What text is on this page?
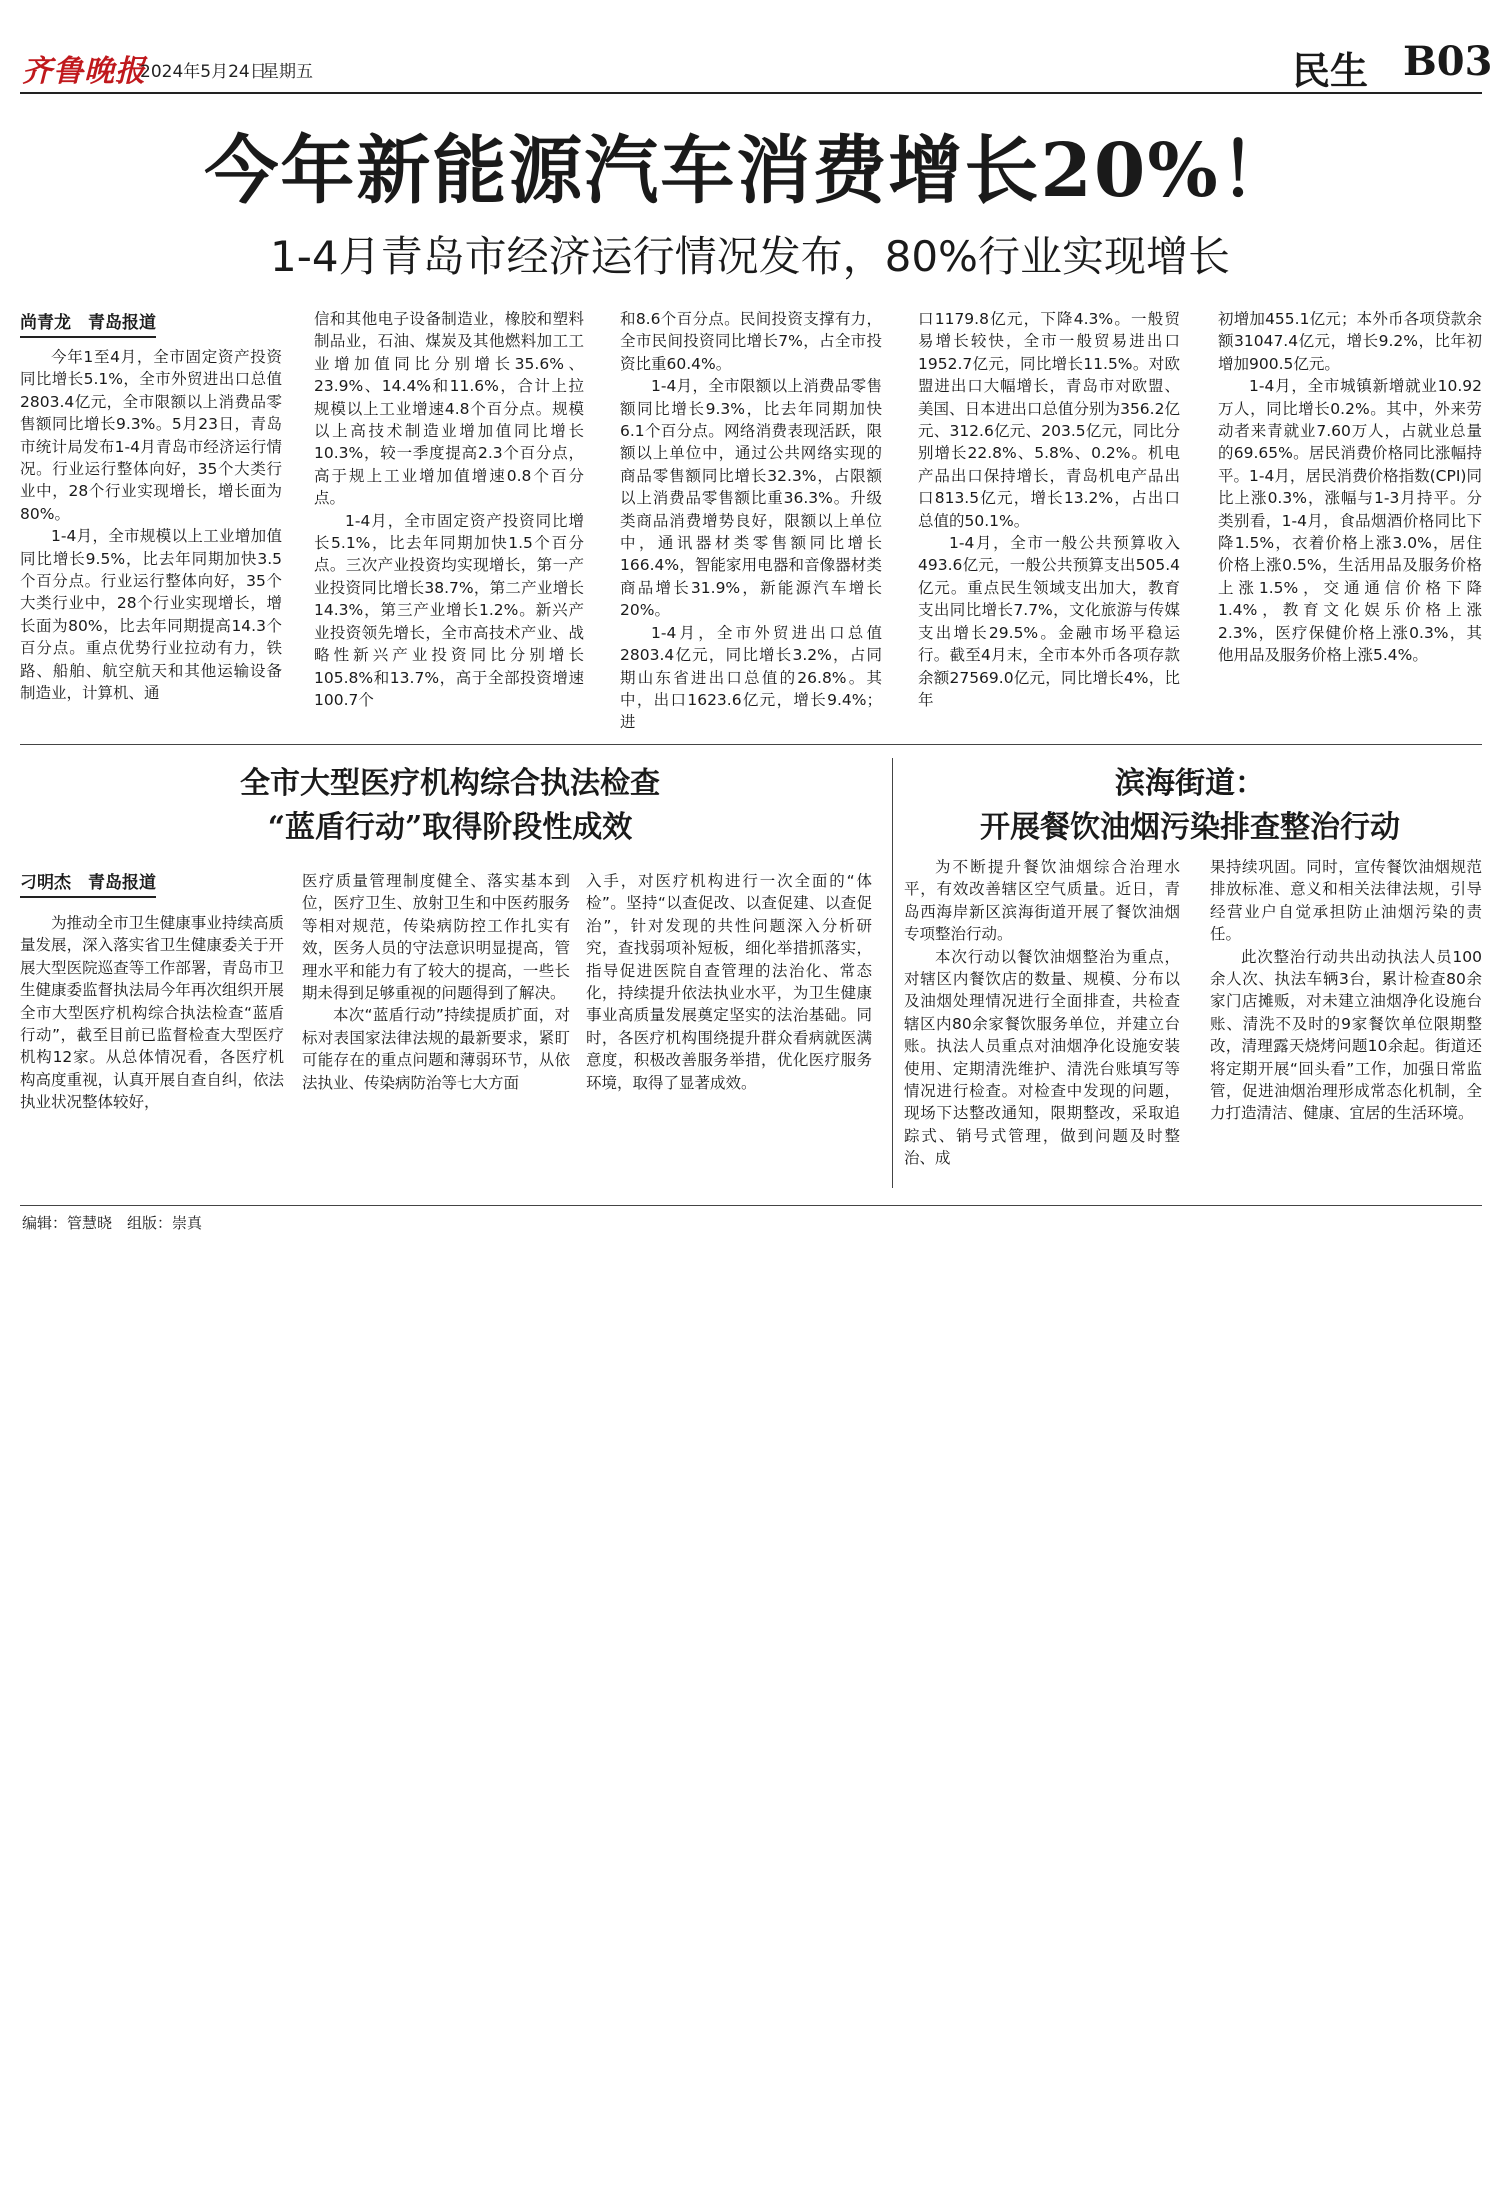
齐鲁晚报
2024年5月24日
星期五	民生 B03
今年新能源汽车消费增长20%！
1-4月青岛市经济运行情况发布，80%行业实现增长
尚青龙　青岛报道

今年1至4月，全市固定资产投资同比增长5.1%，全市外贸进出口总值2803.4亿元，全市限额以上消费品零售额同比增长9.3%。5月23日，青岛市统计局发布1-4月青岛市经济运行情况。行业运行整体向好，35个大类行业中，28个行业实现增长，增长面为80%。

1-4月，全市规模以上工业增加值同比增长9.5%，比去年同期加快3.5个百分点。行业运行整体向好，35个大类行业中，28个行业实现增长，增长面为80%，比去年同期提高14.3个百分点。重点优势行业拉动有力，铁路、船舶、航空航天和其他运输设备制造业，计算机、通

信和其他电子设备制造业，橡胶和塑料制品业，石油、煤炭及其他燃料加工工业增加值同比分别增长35.6%、23.9%、14.4%和11.6%，合计上拉规模以上工业增速4.8个百分点。规模以上高技术制造业增加值同比增长10.3%，较一季度提高2.3个百分点，高于规上工业增加值增速0.8个百分点。

1-4月，全市固定资产投资同比增长5.1%，比去年同期加快1.5个百分点。三次产业投资均实现增长，第一产业投资同比增长38.7%，第二产业增长14.3%，第三产业增长1.2%。新兴产业投资领先增长，全市高技术产业、战略性新兴产业投资同比分别增长105.8%和13.7%，高于全部投资增速100.7个

和8.6个百分点。民间投资支撑有力，全市民间投资同比增长7%，占全市投资比重60.4%。

1-4月，全市限额以上消费品零售额同比增长9.3%，比去年同期加快6.1个百分点。网络消费表现活跃，限额以上单位中，通过公共网络实现的商品零售额同比增长32.3%，占限额以上消费品零售额比重36.3%。升级类商品消费增势良好，限额以上单位中，通讯器材类零售额同比增长166.4%，智能家用电器和音像器材类商品增长31.9%，新能源汽车增长20%。

1-4月，全市外贸进出口总值2803.4亿元，同比增长3.2%，占同期山东省进出口总值的26.8%。其中，出口1623.6亿元，增长9.4%；进

口1179.8亿元，下降4.3%。一般贸易增长较快，全市一般贸易进出口1952.7亿元，同比增长11.5%。对欧盟进出口大幅增长，青岛市对欧盟、美国、日本进出口总值分别为356.2亿元、312.6亿元、203.5亿元，同比分别增长22.8%、5.8%、0.2%。机电产品出口保持增长，青岛机电产品出口813.5亿元，增长13.2%，占出口总值的50.1%。

1-4月，全市一般公共预算收入493.6亿元，一般公共预算支出505.4亿元。重点民生领域支出加大，教育支出同比增长7.7%，文化旅游与传媒支出增长29.5%。金融市场平稳运行。截至4月末，全市本外币各项存款余额27569.0亿元，同比增长4%，比年

初增加455.1亿元；本外币各项贷款余额31047.4亿元，增长9.2%，比年初增加900.5亿元。

1-4月，全市城镇新增就业10.92万人，同比增长0.2%。其中，外来劳动者来青就业7.60万人，占就业总量的69.65%。居民消费价格同比涨幅持平。1-4月，居民消费价格指数(CPI)同比上涨0.3%，涨幅与1-3月持平。分类别看，1-4月，食品烟酒价格同比下降1.5%，衣着价格上涨3.0%，居住价格上涨0.5%，生活用品及服务价格上涨1.5%，交通通信价格下降1.4%，教育文化娱乐价格上涨2.3%，医疗保健价格上涨0.3%，其他用品及服务价格上涨5.4%。

全市大型医疗机构综合执法检查
“蓝盾行动”取得阶段性成效
刁明杰　青岛报道

为推动全市卫生健康事业持续高质量发展，深入落实省卫生健康委关于开展大型医院巡查等工作部署，青岛市卫生健康委监督执法局今年再次组织开展全市大型医疗机构综合执法检查“蓝盾行动”，截至目前已监督检查大型医疗机构12家。从总体情况看，各医疗机构高度重视，认真开展自查自纠，依法执业状况整体较好，

医疗质量管理制度健全、落实基本到位，医疗卫生、放射卫生和中医药服务等相对规范，传染病防控工作扎实有效，医务人员的守法意识明显提高，管理水平和能力有了较大的提高，一些长期未得到足够重视的问题得到了解决。

本次“蓝盾行动”持续提质扩面，对标对表国家法律法规的最新要求，紧盯可能存在的重点问题和薄弱环节，从依法执业、传染病防治等七大方面

入手，对医疗机构进行一次全面的“体检”。坚持“以查促改、以查促建、以查促治”，针对发现的共性问题深入分析研究，查找弱项补短板，细化举措抓落实，指导促进医院自查管理的法治化、常态化，持续提升依法执业水平，为卫生健康事业高质量发展奠定坚实的法治基础。同时，各医疗机构围绕提升群众看病就医满意度，积极改善服务举措，优化医疗服务环境，取得了显著成效。

滨海街道：
开展餐饮油烟污染排查整治行动

为不断提升餐饮油烟综合治理水平，有效改善辖区空气质量。近日，青岛西海岸新区滨海街道开展了餐饮油烟专项整治行动。

本次行动以餐饮油烟整治为重点，对辖区内餐饮店的数量、规模、分布以及油烟处理情况进行全面排查，共检查辖区内80余家餐饮服务单位，并建立台账。执法人员重点对油烟净化设施安装使用、定期清洗维护、清洗台账填写等情况进行检查。对检查中发现的问题，现场下达整改通知，限期整改，采取追踪式、销号式管理，做到问题及时整治、成

果持续巩固。同时，宣传餐饮油烟规范排放标准、意义和相关法律法规，引导经营业户自觉承担防止油烟污染的责任。

此次整治行动共出动执法人员100余人次、执法车辆3台，累计检查80余家门店摊贩，对未建立油烟净化设施台账、清洗不及时的9家餐饮单位限期整改，清理露天烧烤问题10余起。街道还将定期开展“回头看”工作，加强日常监管，促进油烟治理形成常态化机制，全力打造清洁、健康、宜居的生活环境。

编辑：管慧晓　组版：崇真
